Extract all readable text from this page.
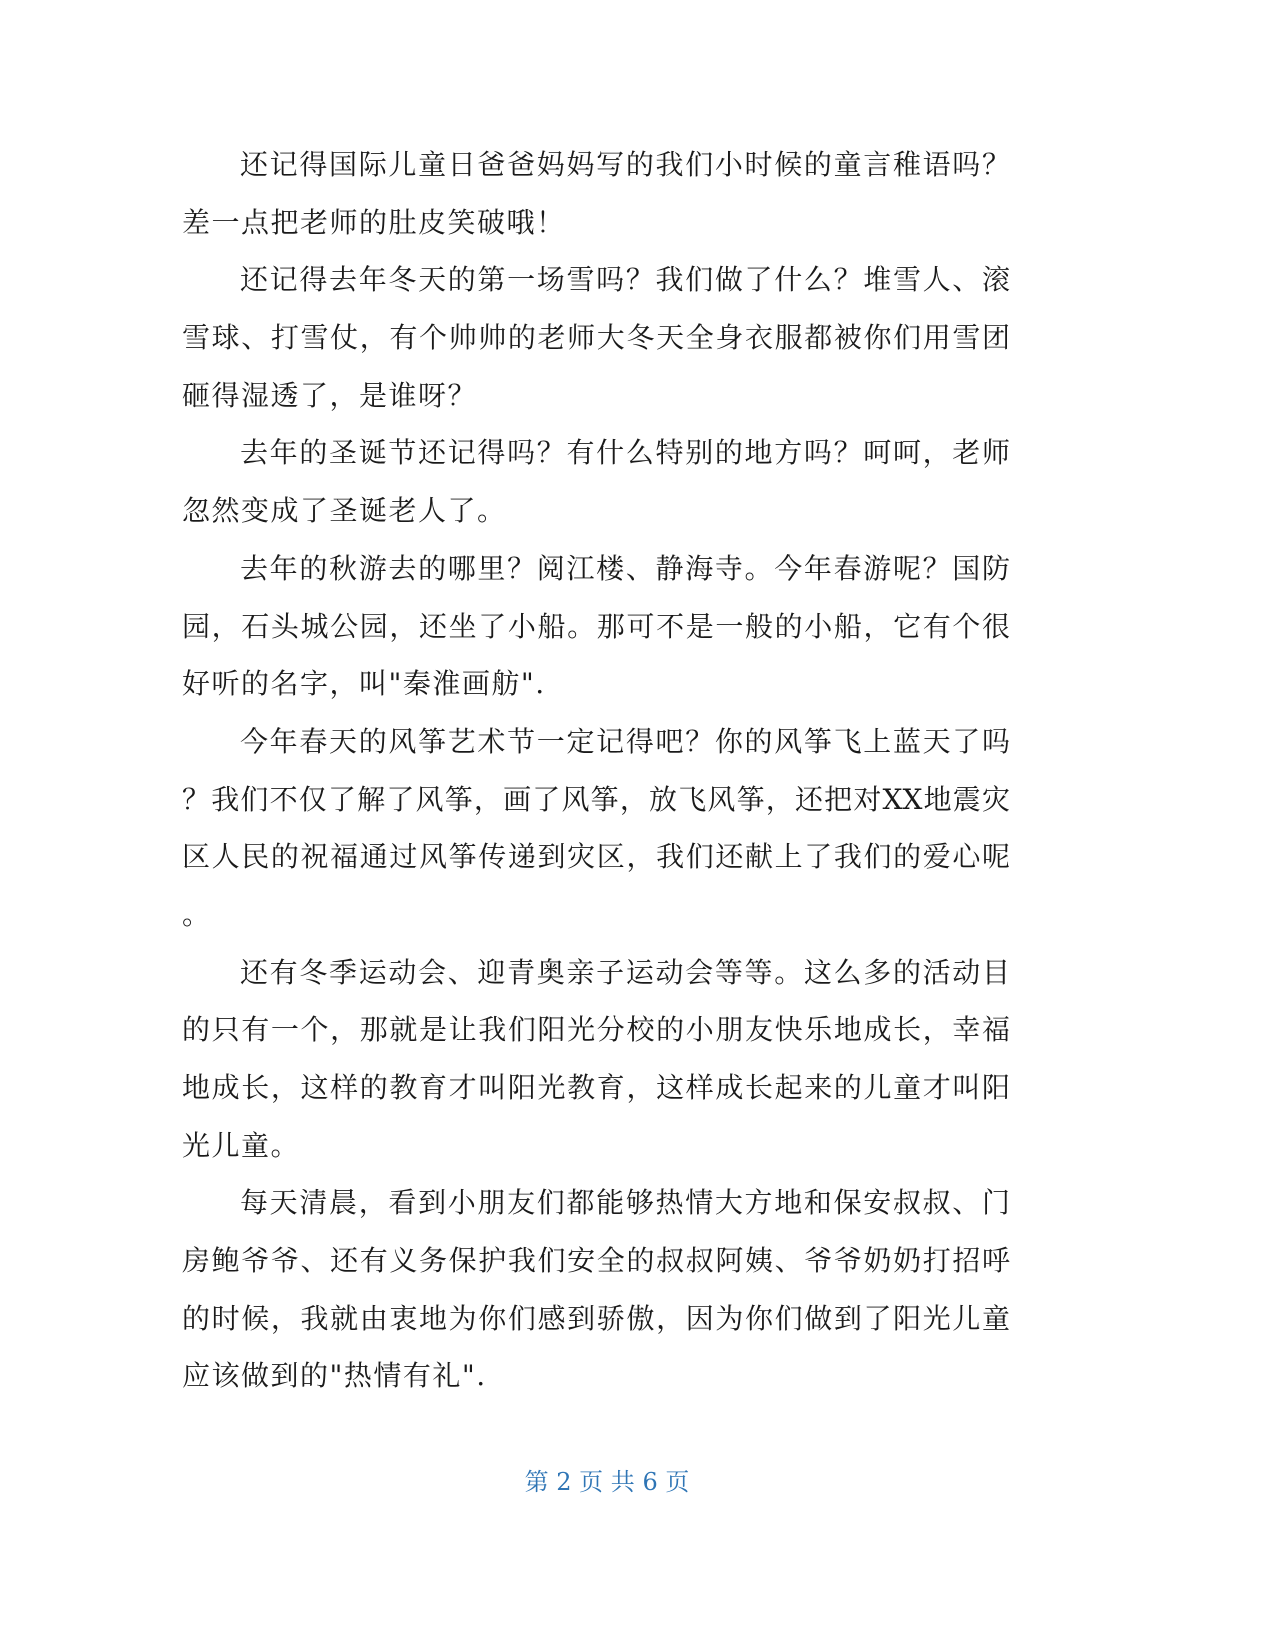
还记得国际儿童日爸爸妈妈写的我们小时候的童言稚语吗？
差一点把老师的肚皮笑破哦！
还记得去年冬天的第一场雪吗？我们做了什么？堆雪人、滚
雪球、打雪仗，有个帅帅的老师大冬天全身衣服都被你们用雪团
砸得湿透了，是谁呀？
去年的圣诞节还记得吗？有什么特别的地方吗？呵呵，老师
忽然变成了圣诞老人了。
去年的秋游去的哪里？阅江楼、静海寺。今年春游呢？国防
园，石头城公园，还坐了小船。那可不是一般的小船，它有个很
好听的名字，叫"秦淮画舫".
今年春天的风筝艺术节一定记得吧？你的风筝飞上蓝天了吗
？我们不仅了解了风筝，画了风筝，放飞风筝，还把对XX地震灾
区人民的祝福通过风筝传递到灾区，我们还献上了我们的爱心呢
。
还有冬季运动会、迎青奥亲子运动会等等。这么多的活动目
的只有一个，那就是让我们阳光分校的小朋友快乐地成长，幸福
地成长，这样的教育才叫阳光教育，这样成长起来的儿童才叫阳
光儿童。
每天清晨，看到小朋友们都能够热情大方地和保安叔叔、门
房鲍爷爷、还有义务保护我们安全的叔叔阿姨、爷爷奶奶打招呼
的时候，我就由衷地为你们感到骄傲，因为你们做到了阳光儿童
应该做到的"热情有礼".
第 2 页 共 6 页
